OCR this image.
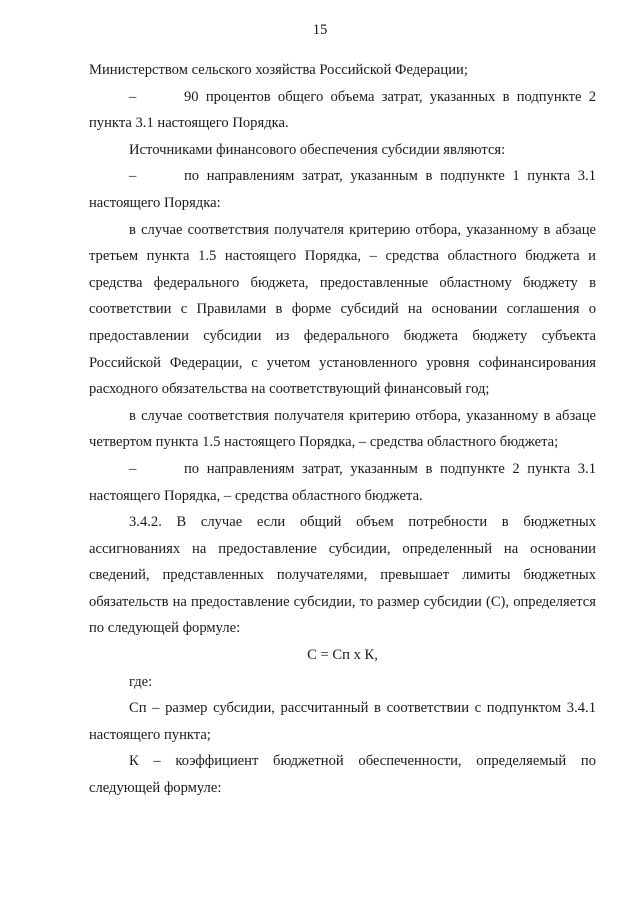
15

Министерством сельского хозяйства Российской Федерации;

–	90 процентов общего объема затрат, указанных в подпункте 2 пункта 3.1 настоящего Порядка.

Источниками финансового обеспечения субсидии являются:

–	по направлениям затрат, указанным в подпункте 1 пункта 3.1 настоящего Порядка:

в случае соответствия получателя критерию отбора, указанному в абзаце третьем пункта 1.5 настоящего Порядка, – средства областного бюджета и средства федерального бюджета, предоставленные областному бюджету в соответствии с Правилами в форме субсидий на основании соглашения о предоставлении субсидии из федерального бюджета бюджету субъекта Российской Федерации, с учетом установленного уровня софинансирования расходного обязательства на соответствующий финансовый год;

в случае соответствия получателя критерию отбора, указанному в абзаце четвертом пункта 1.5 настоящего Порядка, – средства областного бюджета;

–	по направлениям затрат, указанным в подпункте 2 пункта 3.1 настоящего Порядка, – средства областного бюджета.

3.4.2. В случае если общий объем потребности в бюджетных ассигнованиях на предоставление субсидии, определенный на основании сведений, представленных получателями, превышает лимиты бюджетных обязательств на предоставление субсидии, то размер субсидии (С), определяется по следующей формуле:

С = Сп х К,

где:

Сп – размер субсидии, рассчитанный в соответствии с подпунктом 3.4.1 настоящего пункта;

К – коэффициент бюджетной обеспеченности, определяемый по следующей формуле:
